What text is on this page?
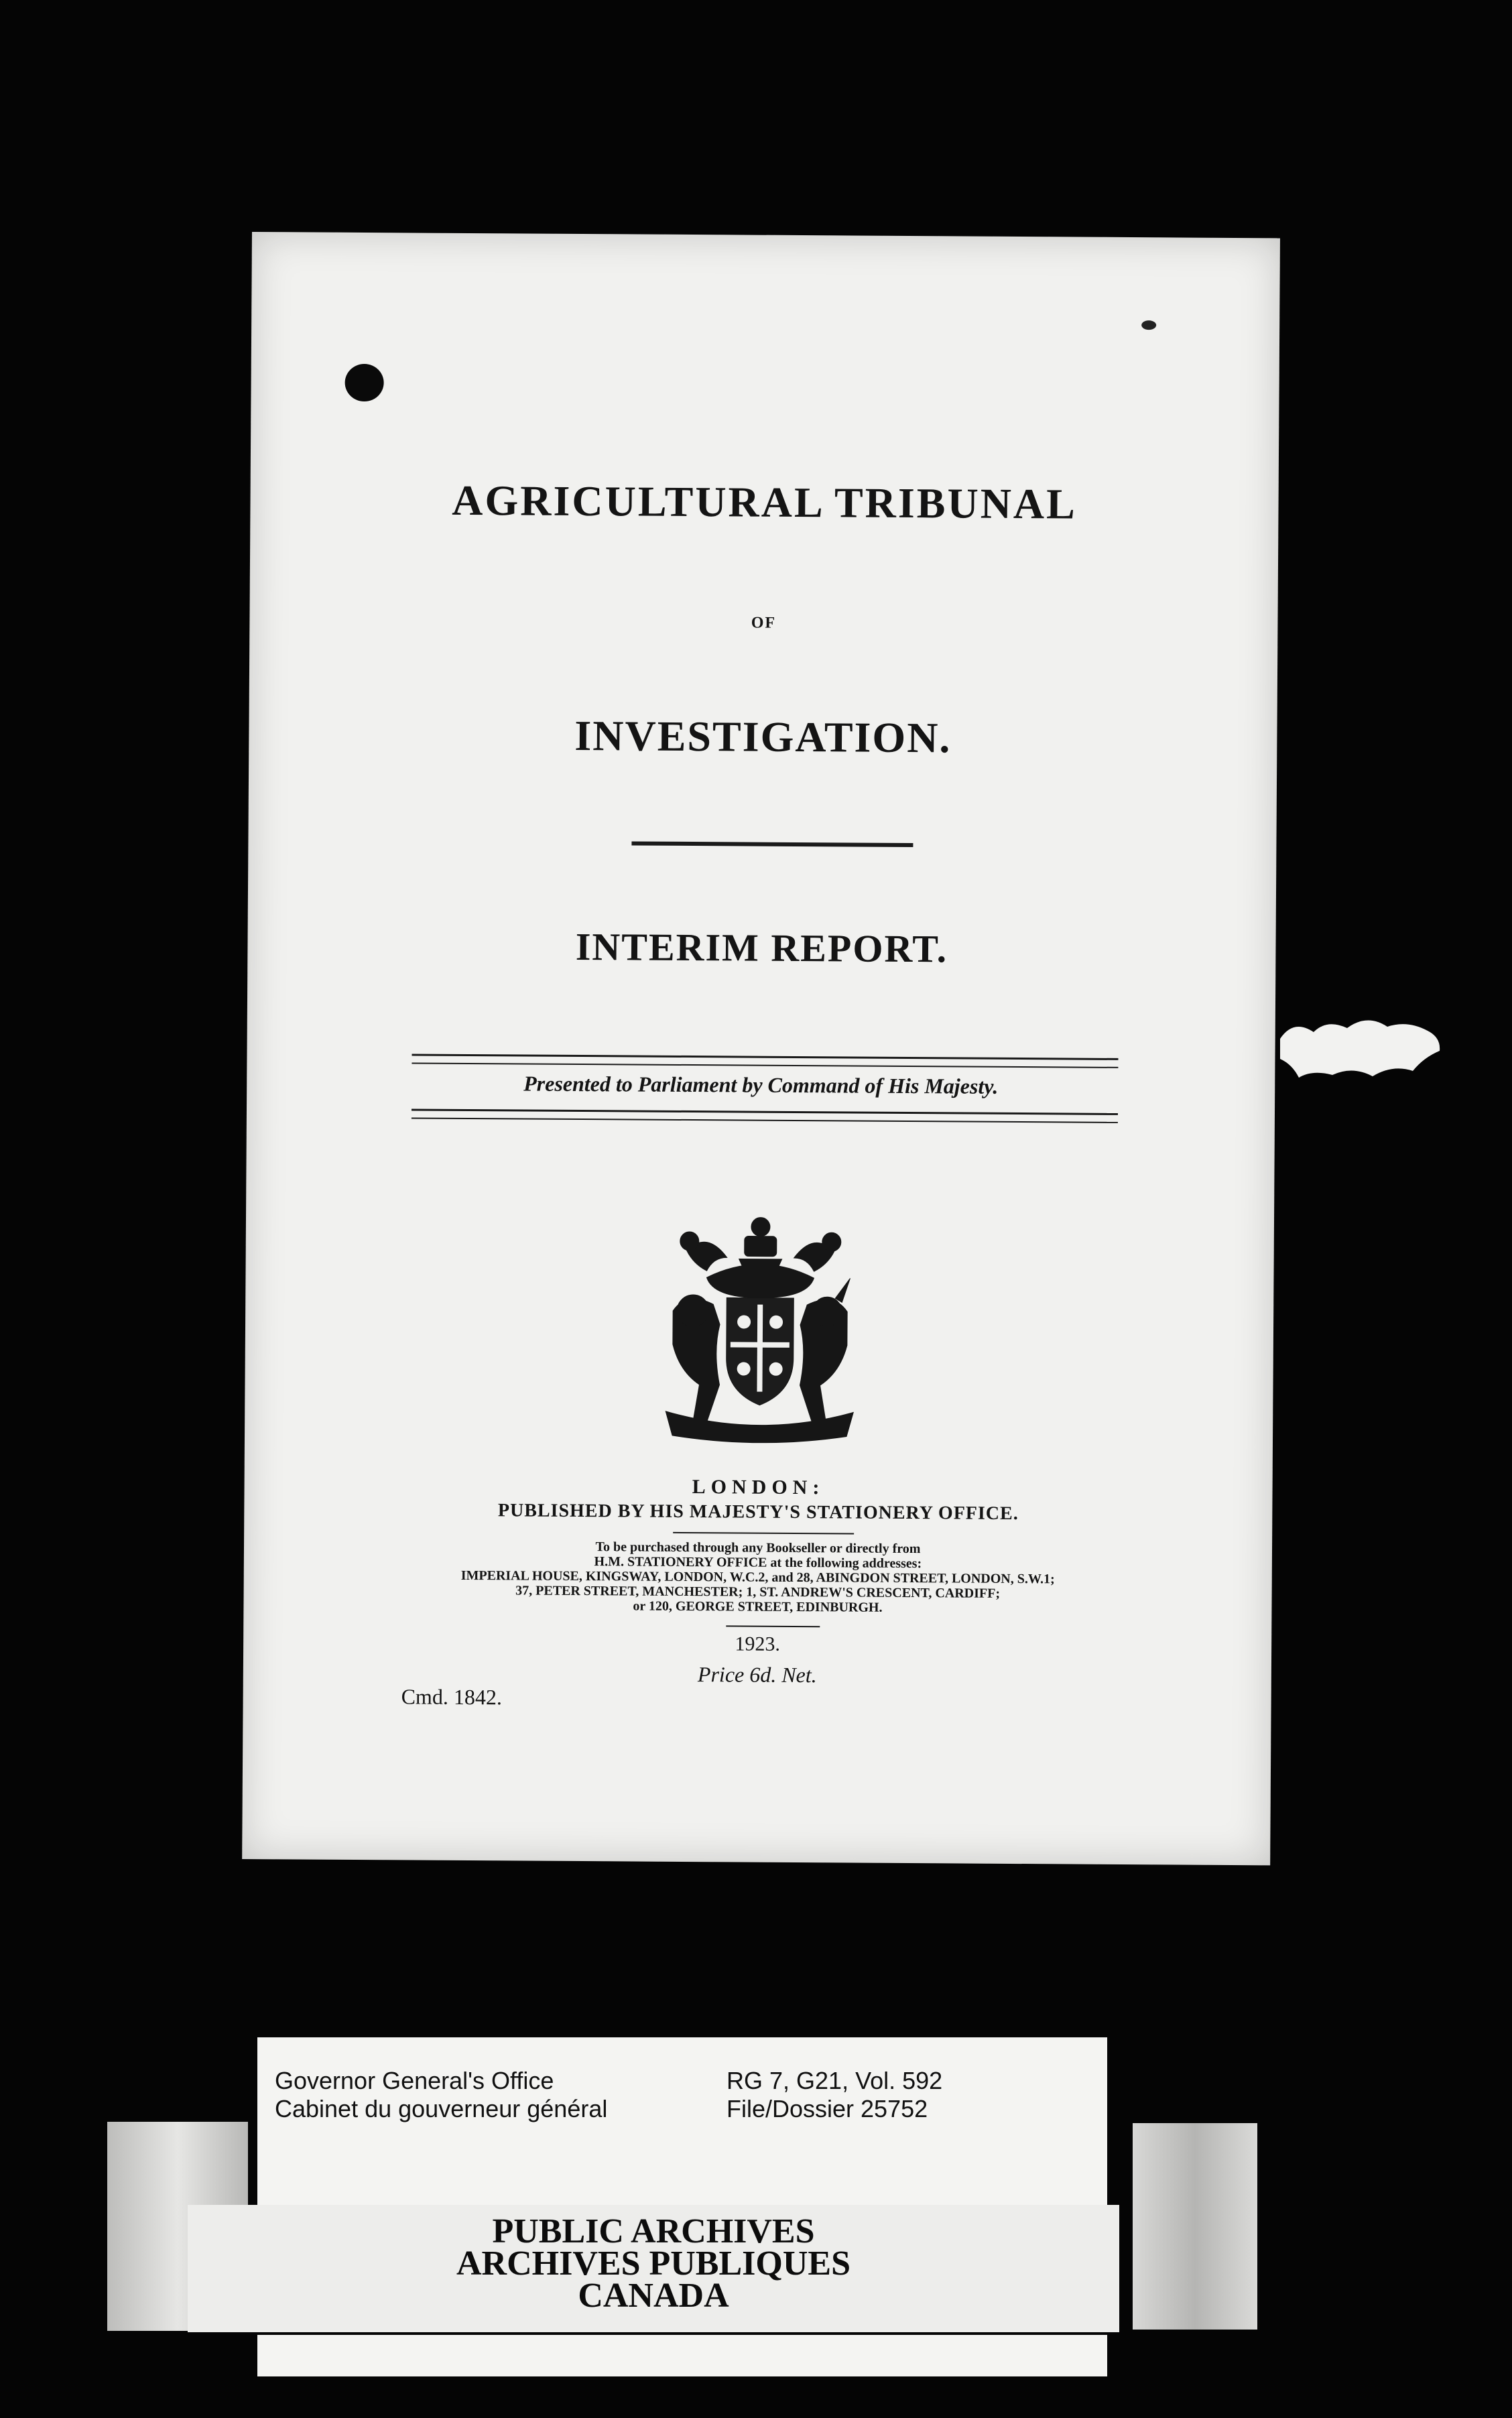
AGRICULTURAL TRIBUNAL
OF
INVESTIGATION.
INTERIM REPORT.
Presented to Parliament by Command of His Majesty.
LONDON:
PUBLISHED BY HIS MAJESTY'S STATIONERY OFFICE.
To be purchased through any Bookseller or directly from
H.M. STATIONERY OFFICE at the following addresses:
IMPERIAL HOUSE, KINGSWAY, LONDON, W.C.2, and 28, ABINGDON STREET, LONDON, S.W.1;
37, PETER STREET, MANCHESTER; 1, ST. ANDREW'S CRESCENT, CARDIFF;
or 120, GEORGE STREET, EDINBURGH.
1923.
Price 6d. Net.
Cmd. 1842.
Governor General's Office
Cabinet du gouverneur général
RG 7, G21, Vol. 592
File/Dossier 25752
PUBLIC ARCHIVES
ARCHIVES PUBLIQUES
CANADA
